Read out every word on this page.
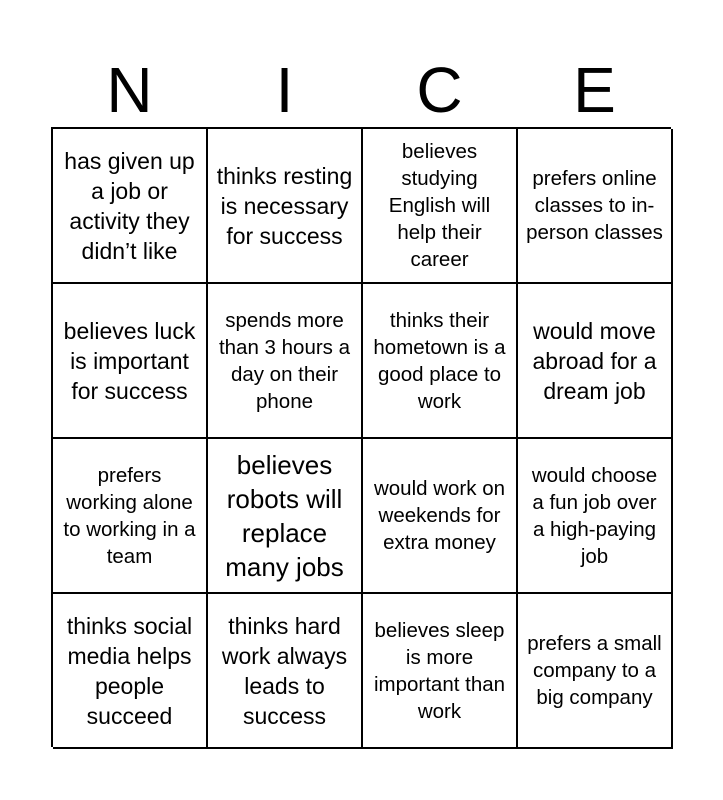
N	I	C	E
has given up a job or activity they didn’t like
thinks resting is necessary for success
believes studying English will help their career
prefers online classes to in-person classes
believes luck is important for success
spends more than 3 hours a day on their phone
thinks their hometown is a good place to work
would move abroad for a dream job
prefers working alone to working in a team
believes robots will replace many jobs
would work on weekends for extra money
would choose a fun job over a high-paying job
thinks social media helps people succeed
thinks hard work always leads to success
believes sleep is more important than work
prefers a small company to a big company
